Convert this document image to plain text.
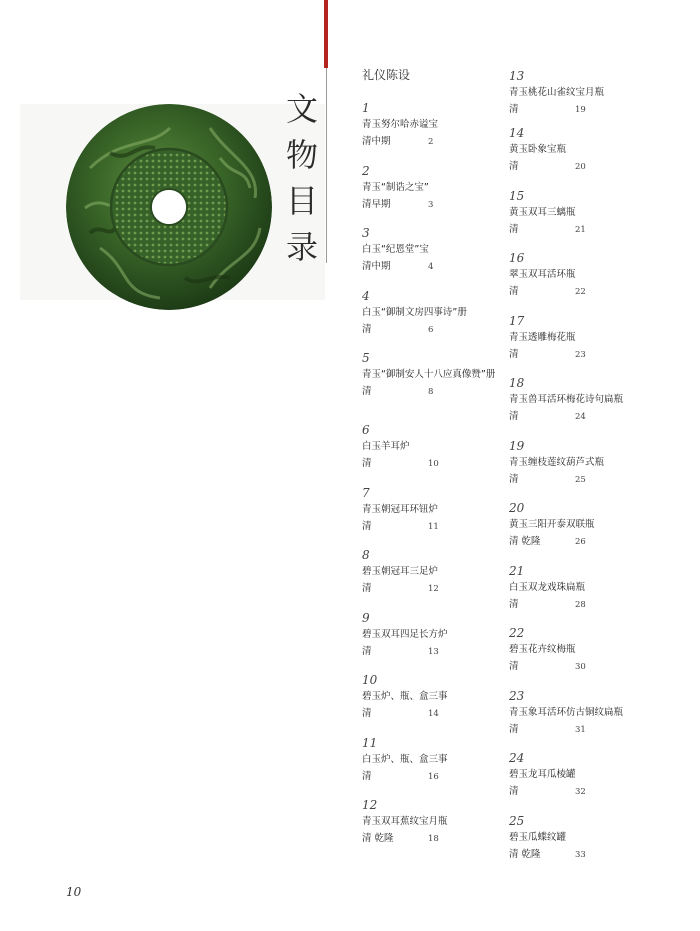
文物目录
礼仪陈设
1
青玉努尔哈赤谥宝
清中期	2
2
青玉“制诰之宝”
清早期	3
3
白玉“纪恩堂”宝
清中期	4
4
白玉“御制文房四事诗”册
清	6
5
青玉“御制安人十八应真像赞”册
清	8
6
白玉羊耳炉
清	10
7
青玉朝冠耳环钮炉
清	11
8
碧玉朝冠耳三足炉
清	12
9
碧玉双耳四足长方炉
清	13
10
碧玉炉、瓶、盒三事
清	14
11
白玉炉、瓶、盒三事
清	16
12
青玉双耳蕉纹宝月瓶
清 乾隆	18
13
青玉桃花山雀纹宝月瓶
清	19
14
黄玉卧象宝瓶
清	20
15
黄玉双耳三螭瓶
清	21
16
翠玉双耳活环瓶
清	22
17
青玉透雕梅花瓶
清	23
18
青玉兽耳活环梅花诗句扁瓶
清	24
19
青玉缠枝莲纹葫芦式瓶
清	25
20
黄玉三阳开泰双联瓶
清 乾隆	26
21
白玉双龙戏珠扁瓶
清	28
22
碧玉花卉纹梅瓶
清	30
23
青玉象耳活环仿古铜纹扁瓶
清	31
24
碧玉龙耳瓜棱罐
清	32
25
碧玉瓜蝶纹罐
清 乾隆	33
10
